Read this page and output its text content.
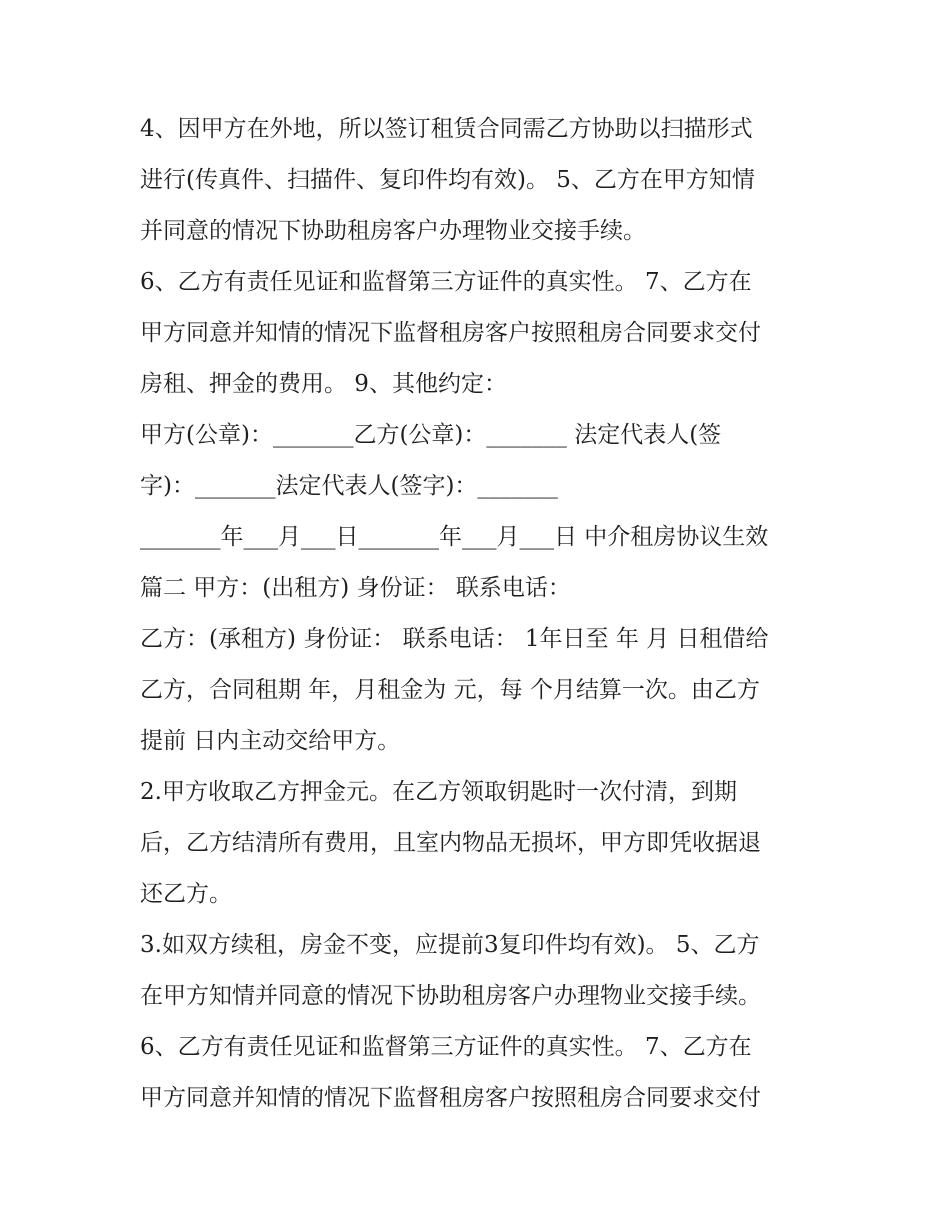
4、因甲方在外地，所以签订租赁合同需乙方协助以扫描形式
进行(传真件、扫描件、复印件均有效)。 5、乙方在甲方知情
并同意的情况下协助租房客户办理物业交接手续。
6、乙方有责任见证和监督第三方证件的真实性。 7、乙方在
甲方同意并知情的情况下监督租房客户按照租房合同要求交付
房租、押金的费用。 9、其他约定：
甲方(公章)：_______乙方(公章)：_______ 法定代表人(签
字)：_______法定代表人(签字)：_______
_______年___月___日_______年___月___日 中介租房协议生效
篇二 甲方：(出租方) 身份证： 联系电话：
乙方：(承租方) 身份证： 联系电话： 1年日至 年 月 日租借给
乙方，合同租期 年，月租金为 元，每 个月结算一次。由乙方
提前 日内主动交给甲方。
2.甲方收取乙方押金元。在乙方领取钥匙时一次付清，到期
后，乙方结清所有费用，且室内物品无损坏，甲方即凭收据退
还乙方。
3.如双方续租，房金不变，应提前3复印件均有效)。 5、乙方
在甲方知情并同意的情况下协助租房客户办理物业交接手续。
6、乙方有责任见证和监督第三方证件的真实性。 7、乙方在
甲方同意并知情的情况下监督租房客户按照租房合同要求交付
